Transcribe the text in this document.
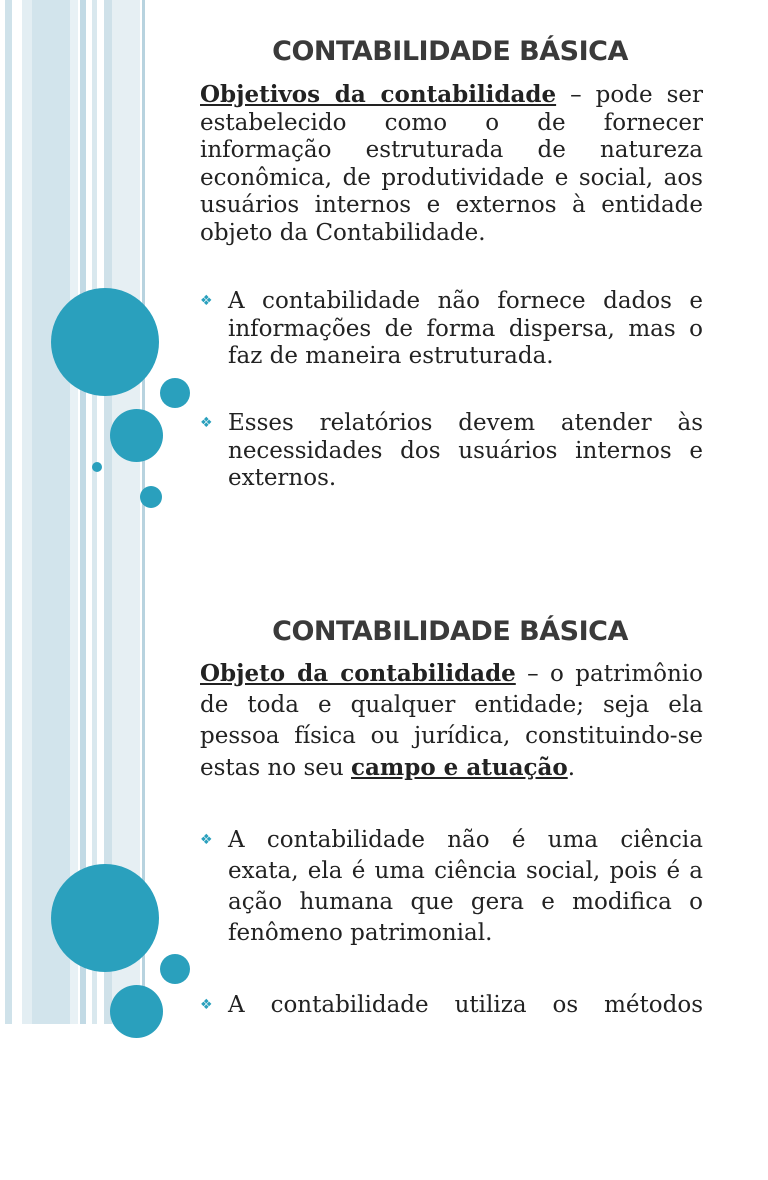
CONTABILIDADE BÁSICA
Objetivos da contabilidade – pode ser estabelecido como o de fornecer informação estruturada de natureza econômica, de produtividade e social, aos usuários internos e externos à entidade objeto da Contabilidade.
❖ A contabilidade não fornece dados e informações de forma dispersa, mas o faz de maneira estruturada.
❖ Esses relatórios devem atender às necessidades dos usuários internos e externos.
CONTABILIDADE BÁSICA
Objeto da contabilidade – o patrimônio de toda e qualquer entidade; seja ela pessoa física ou jurídica, constituindo-se estas no seu campo e atuação.
❖ A contabilidade não é uma ciência exata, ela é uma ciência social, pois é a ação humana que gera e modifica o fenômeno patrimonial.
❖ A contabilidade utiliza os métodos
